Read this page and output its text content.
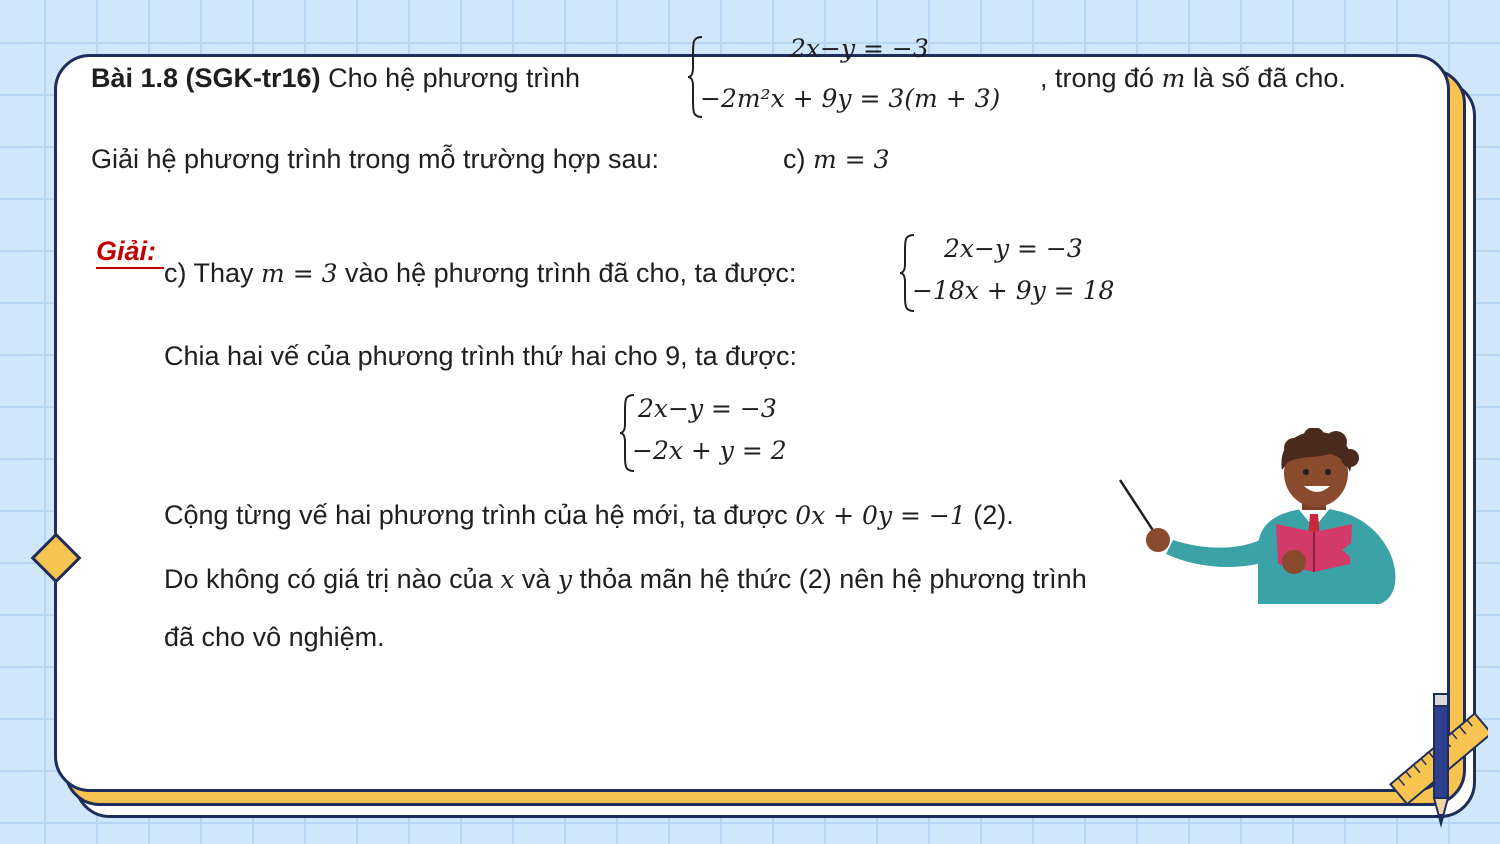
Bài 1.8 (SGK-tr16) Cho hệ phương trình
2x−y = −3
−2m²x + 9y = 3(m + 3)
, trong đó m là số đã cho.
Giải hệ phương trình trong mỗ trường hợp sau:	c) m = 3
Giải:
c) Thay m = 3 vào hệ phương trình đã cho, ta được:
2x−y = −3
−18x + 9y = 18
Chia hai vế của phương trình thứ hai cho 9, ta được:
2x−y = −3
−2x + y = 2
Cộng từng vế hai phương trình của hệ mới, ta được 0x + 0y = −1 (2).
Do không có giá trị nào của x và y thỏa mãn hệ thức (2) nên hệ phương trình
đã cho vô nghiệm.
